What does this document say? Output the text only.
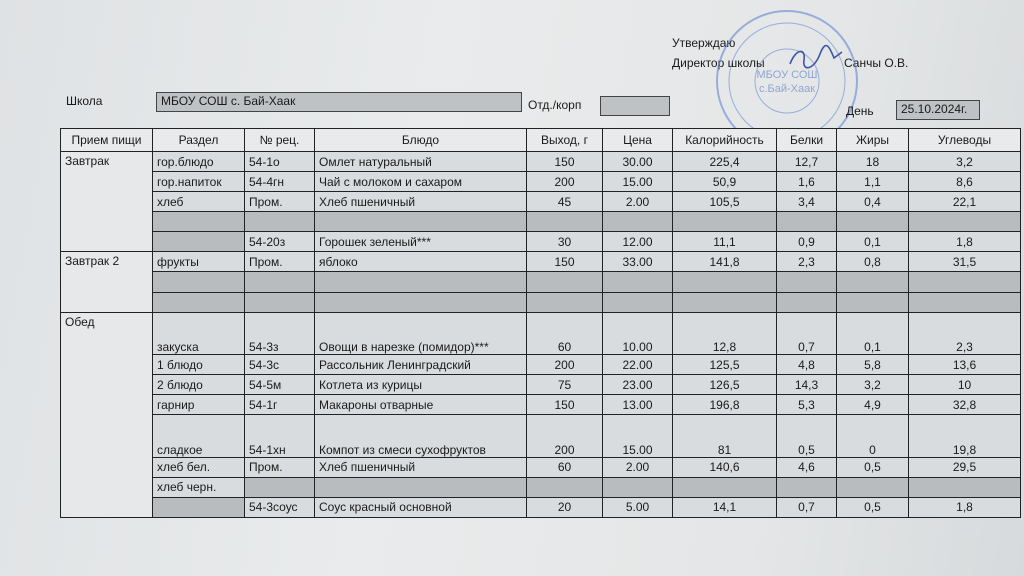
Утверждаю
Директор школы	Санчы О.В.
МБОУ СОШ
с.Бай-Хаак
Школа	МБОУ СОШ с. Бай-Хаак	Отд./корп	День	25.10.2024г.
Прием пищи	Раздел	№ рец.	Блюдо	Выход, г	Цена	Калорийность	Белки	Жиры	Углеводы
Завтрак	гор.блюдо	54-1о	Омлет натуральный	150	30.00	225,4	12,7	18	3,2
	гор.напиток	54-4гн	Чай с молоком и сахаром	200	15.00	50,9	1,6	1,1	8,6
	хлеб	Пром.	Хлеб пшеничный	45	2.00	105,5	3,4	0,4	22,1

		54-20з	Горошек зеленый***	30	12.00	11,1	0,9	0,1	1,8
Завтрак 2	фрукты	Пром.	яблоко	150	33.00	141,8	2,3	0,8	31,5

Обед	закуска	54-3з	Овощи в нарезке (помидор)***	60	10.00	12,8	0,7	0,1	2,3
	1 блюдо	54-3с	Рассольник Ленинградский	200	22.00	125,5	4,8	5,8	13,6
	2 блюдо	54-5м	Котлета из курицы	75	23.00	126,5	14,3	3,2	10
	гарнир	54-1г	Макароны отварные	150	13.00	196,8	5,3	4,9	32,8
	сладкое	54-1хн	Компот из смеси сухофруктов	200	15.00	81	0,5	0	19,8
	хлеб бел.	Пром.	Хлеб пшеничный	60	2.00	140,6	4,6	0,5	29,5
	хлеб черн.								
		54-3соус	Соус красный основной	20	5.00	14,1	0,7	0,5	1,8
